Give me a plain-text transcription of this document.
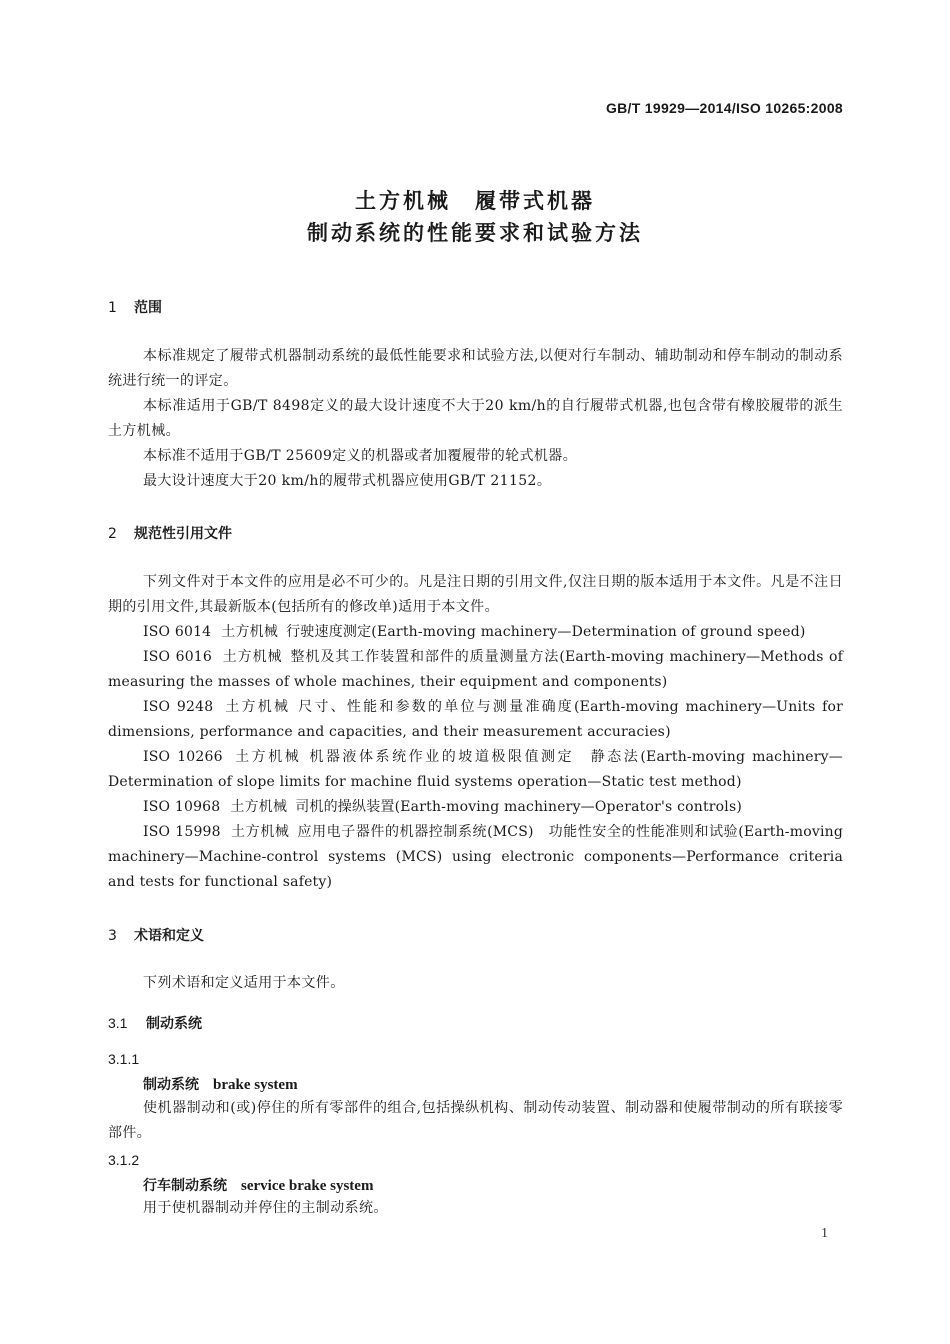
GB/T 19929—2014/ISO 10265:2008
土方机械　履带式机器
制动系统的性能要求和试验方法
1 范围
本标准规定了履带式机器制动系统的最低性能要求和试验方法,以便对行车制动、辅助制动和停车制动的制动系统进行统一的评定。
本标准适用于GB/T 8498定义的最大设计速度不大于20 km/h的自行履带式机器,也包含带有橡胶履带的派生土方机械。
本标准不适用于GB/T 25609定义的机器或者加覆履带的轮式机器。
最大设计速度大于20 km/h的履带式机器应使用GB/T 21152。
2 规范性引用文件
下列文件对于本文件的应用是必不可少的。凡是注日期的引用文件,仅注日期的版本适用于本文件。凡是不注日期的引用文件,其最新版本(包括所有的修改单)适用于本文件。
ISO 6014 土方机械 行驶速度测定(Earth-moving machinery—Determination of ground speed)
ISO 6016 土方机械 整机及其工作装置和部件的质量测量方法(Earth-moving machinery—Methods of measuring the masses of whole machines, their equipment and components)
ISO 9248 土方机械 尺寸、性能和参数的单位与测量准确度(Earth-moving machinery—Units for dimensions, performance and capacities, and their measurement accuracies)
ISO 10266 土方机械 机器液体系统作业的坡道极限值测定　静态法(Earth-moving machinery—Determination of slope limits for machine fluid systems operation—Static test method)
ISO 10968 土方机械 司机的操纵装置(Earth-moving machinery—Operator's controls)
ISO 15998 土方机械 应用电子器件的机器控制系统(MCS)　功能性安全的性能准则和试验(Earth-moving machinery—Machine-control systems (MCS) using electronic components—Performance criteria and tests for functional safety)
3 术语和定义
下列术语和定义适用于本文件。
3.1 制动系统
3.1.1
制动系统 brake system
使机器制动和(或)停住的所有零部件的组合,包括操纵机构、制动传动装置、制动器和使履带制动的所有联接零部件。
3.1.2
行车制动系统 service brake system
用于使机器制动并停住的主制动系统。
1
